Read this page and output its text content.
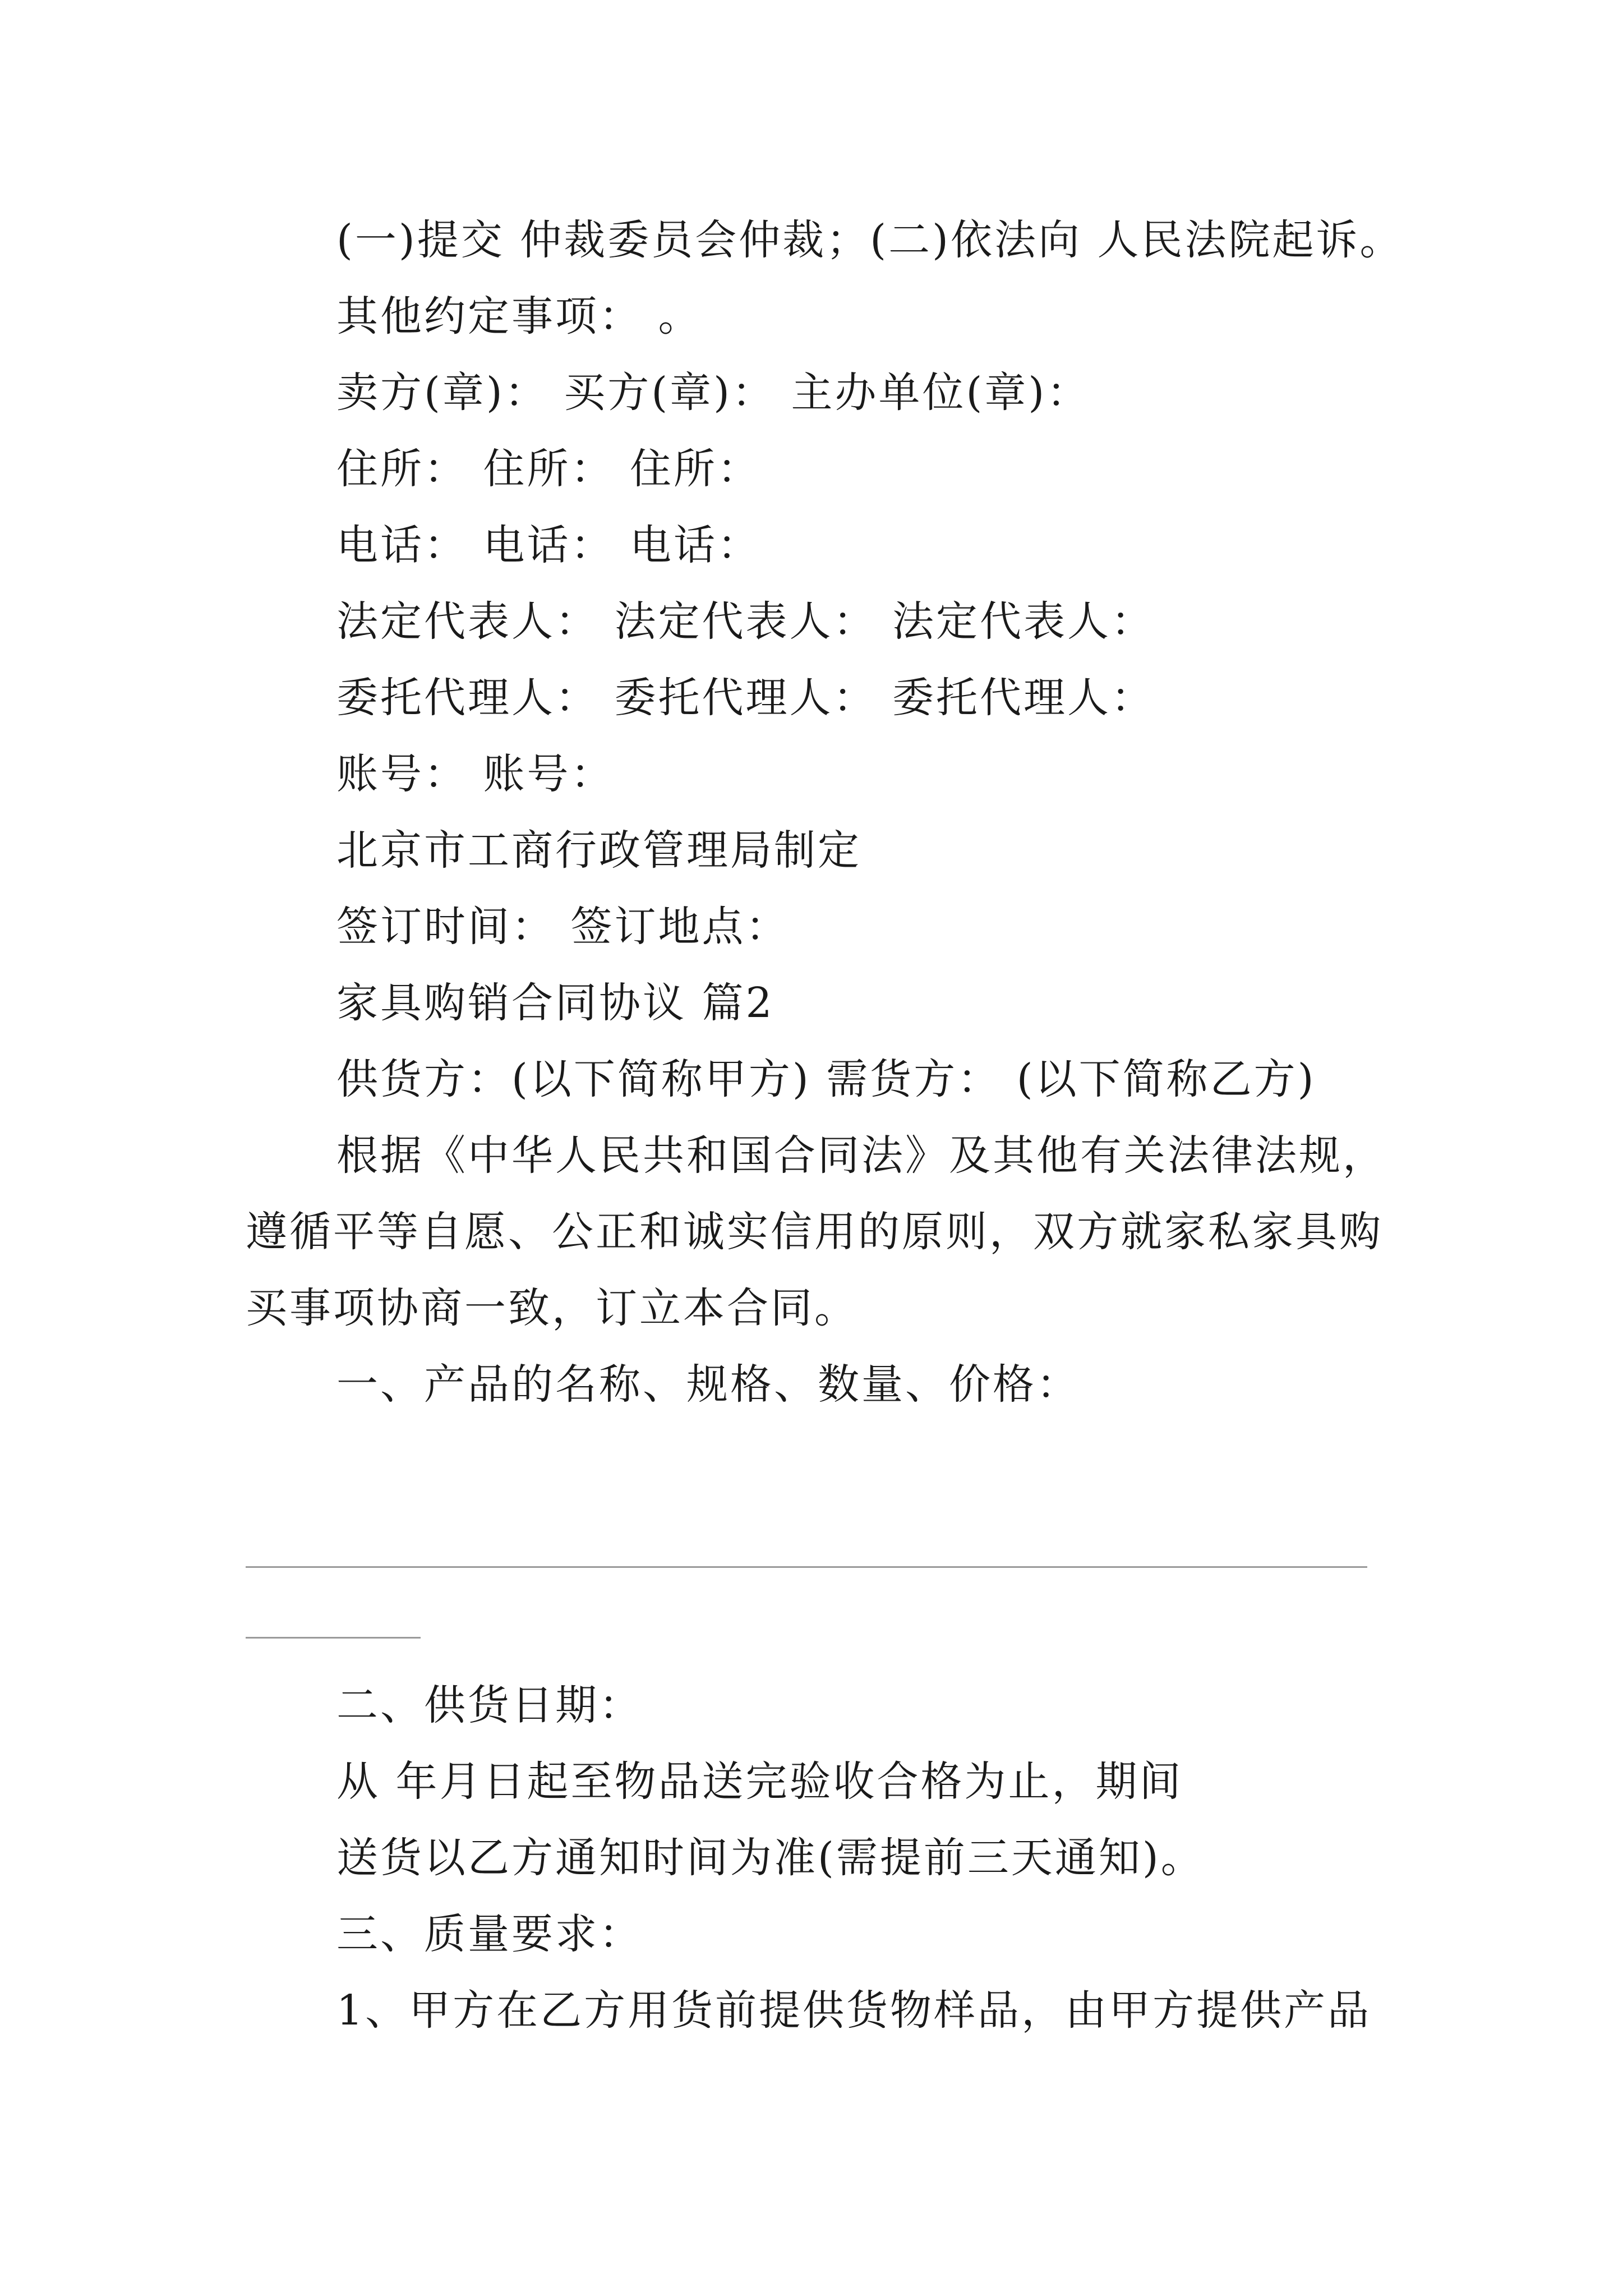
(一)提交 仲裁委员会仲裁；(二)依法向 人民法院起诉。
其他约定事项： 。
卖方(章)： 买方(章)： 主办单位(章)：
住所： 住所： 住所：
电话： 电话： 电话：
法定代表人： 法定代表人： 法定代表人：
委托代理人： 委托代理人： 委托代理人：
账号： 账号：
北京市工商行政管理局制定
签订时间： 签订地点：
家具购销合同协议 篇2
供货方：(以下简称甲方) 需货方： (以下简称乙方)
根据《中华人民共和国合同法》及其他有关法律法规，
遵循平等自愿、公正和诚实信用的原则，双方就家私家具购
买事项协商一致，订立本合同。
一、产品的名称、规格、数量、价格：
二、供货日期：
从 年月日起至物品送完验收合格为止，期间
送货以乙方通知时间为准(需提前三天通知)。
三、质量要求：
1、甲方在乙方用货前提供货物样品，由甲方提供产品
